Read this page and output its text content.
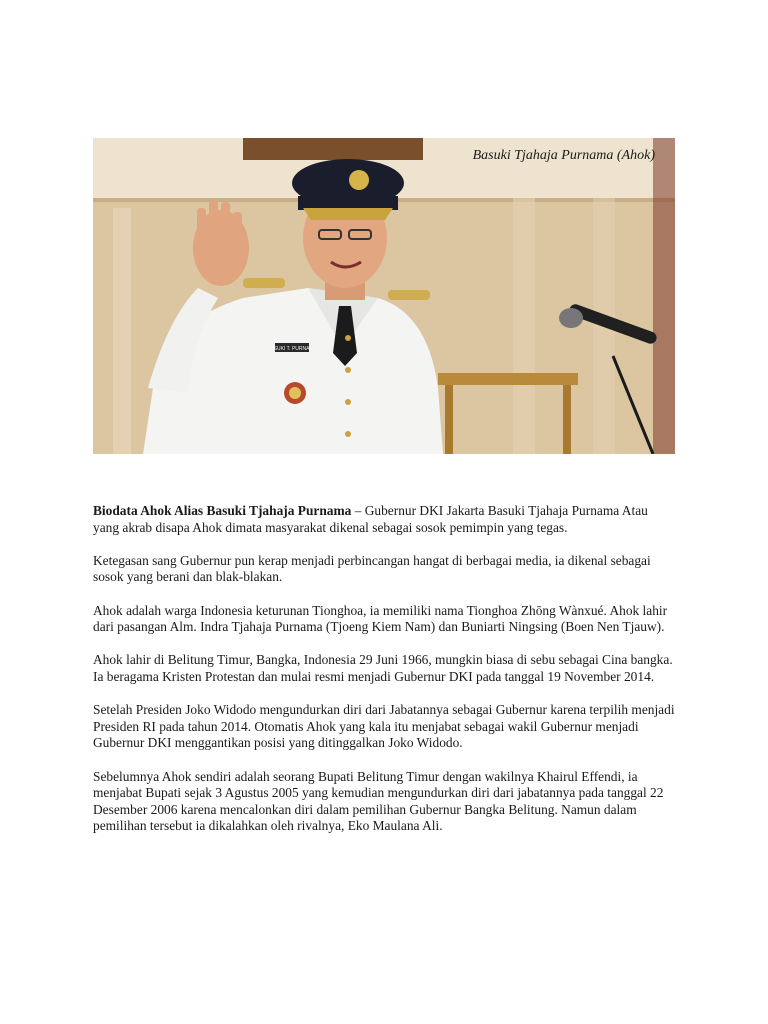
BASUKI T. PURNAMA
Basuki Tjahaja Purnama (Ahok)

Biodata Ahok Alias Basuki Tjahaja Purnama – Gubernur DKI Jakarta Basuki Tjahaja Purnama Atau yang akrab disapa Ahok dimata masyarakat dikenal sebagai sosok pemimpin yang tegas.

Ketegasan sang Gubernur pun kerap menjadi perbincangan hangat di berbagai media, ia dikenal sebagai sosok yang berani dan blak-blakan.

Ahok adalah warga Indonesia keturunan Tionghoa, ia memiliki nama Tionghoa Zhōng Wànxué. Ahok lahir dari pasangan Alm. Indra Tjahaja Purnama (Tjoeng Kiem Nam) dan Buniarti Ningsing (Boen Nen Tjauw).

Ahok lahir di Belitung Timur, Bangka, Indonesia 29 Juni 1966, mungkin biasa di sebu sebagai Cina bangka. Ia beragama Kristen Protestan dan mulai resmi menjadi Gubernur DKI pada tanggal 19 November 2014.

Setelah Presiden Joko Widodo mengundurkan diri dari Jabatannya sebagai Gubernur karena terpilih menjadi Presiden RI pada tahun 2014. Otomatis Ahok yang kala itu menjabat sebagai wakil Gubernur menjadi Gubernur DKI menggantikan posisi yang ditinggalkan Joko Widodo.

Sebelumnya Ahok sendiri adalah seorang Bupati Belitung Timur dengan wakilnya Khairul Effendi, ia menjabat Bupati sejak 3 Agustus 2005 yang kemudian mengundurkan diri dari jabatannya pada tanggal 22 Desember 2006 karena mencalonkan diri dalam pemilihan Gubernur Bangka Belitung. Namun dalam pemilihan tersebut ia dikalahkan oleh rivalnya, Eko Maulana Ali.
